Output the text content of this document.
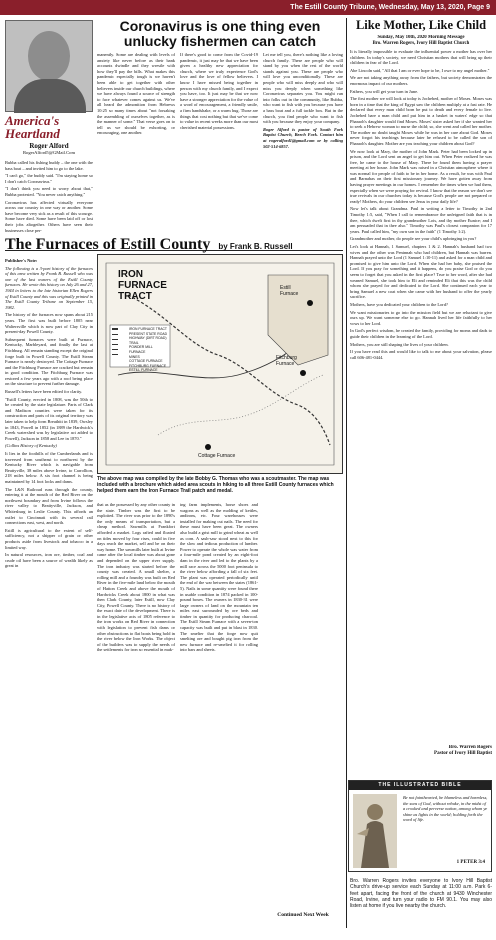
The Estill County Tribune, Wednesday, May 13, 2020, Page 9
America's Heartland
Roger Alford
RogerAlford5@GMail.Com

Bubba called his fishing buddy – the one with the bass boat – and invited him to go to the lake.

"I can't go," the buddy said. "I'm staying home so I don't catch Coronavirus."

"I don't think you need to worry about that," Bubba protested. "You never catch anything."

Coronavirus has affected virtually everyone across our country in one way or another. Some have become very sick as a result of this scourge. Some have died. Some have been laid off or lost their jobs altogether. Others have seen their businesses close per-

Coronavirus is one thing even unlucky fishermen can catch

manently. Some are dealing with levels of anxiety like never before as their bank accounts dwindle and they wrestle with how they'll pay the bills. What makes this pandemic especially tough is we haven't been able to get together with other believers inside our church buildings, where we have always found a source of strength to face whatever comes against us. We've all heard the admonition from Hebrews 10:25 so many times about "not forsaking the assembling of ourselves together, as is the manner of some." That verse goes on to tell us we should be exhorting, or encouraging, one another.

If there's good to come from the Covid-19 pandemic, it just may be that we have been given a healthy new appreciation for church, where we truly experience God's love and the love of fellow believers. I know I have missed being together in person with my church family, and I expect you have, too. It just may be that we now have a stronger appreciation for the value of a word of encouragement, a friendly smile, a firm handshake, or a warm hug. Those are things that cost nothing but that we've come to value in recent weeks more than our most cherished material possessions.

Let me tell you, there's nothing like a loving church family. These are people who will stand by you when the rest of the world stands against you. These are people who will love you unconditionally. These are people who will miss deeply and who will miss you deeply when something like Coronavirus separates you. You might run into folks out in the community, like Bubba, who want to fish with you because you have a bass boat and a full tackle box. But in the church, you find people who want to fish with you because they enjoy your company.

Roger Alford is pastor of South Fork Baptist Church, Beech Fork. Contact him at rogeralford1@gmail.com or by calling 502-514-6857.

Like Mother, Like Child
Sunday, May 10th, 2020 Morning Message
Bro. Warren Rogers, Ivory Hill Baptist Church

It is literally impossible to evaluate the influential power a mother has over her children. In today's society, we need Christian mothers that will bring up their children in fear of the Lord.

Abe Lincoln said, "All that I am or ever hope to be, I owe to my angel mother."

We are not taking anything away from the fathers, but society demonstrates the enormous impact of our mothers.

Fathers, you will get your turn in June.

The first mother we will look at today is Jochebed, mother of Moses. Moses was born in a time that the king of Egypt saw the children multiply at a fast rate. He declared that every man child born be put to death and every female to live. Jochebed bare a man child and put him in a basket in waters' edge so that Pharaoh's daughter would find Moses. Moses' sister asked her if she wanted her to seek a Hebrew woman to nurse the child; so, she went and called her mother. The mother no doubt taught Moses while he was in her care about God. Moses never forgot his teachings because later he refused to be called the son of Pharaoh's daughter. Mother are you teaching your children about God?

We now look at Mary, the mother of John Mark. Peter had been locked up in prison, and the Lord sent an angel to get him out. When Peter realized he was free, he came to the house of Mary. There he found them having a prayer meeting at her house. John Mark was raised in a Christian atmosphere where it was normal for people of faith to be in her home. As a result, he was with Paul and Barnabas on their first missionary journey. We have gotten away from having prayer meetings in our homes. I remember the times when we had them, especially when we were praying for revival. I know that the reason we don't see true revivals in our churches today is because God's people are not prepared or ready! Mothers, do your children see Jesus in your daily life?

Now let's talk about Grandma. Paul in writing a letter to Timothy in 2nd Timothy 1:5, said, "When I call to remembrance the unfeigned faith that is in thee, which dwelt first in thy grandmother Lois, and thy mother Eunice; and I am persuaded that in thee also." Timothy was Paul's closest companion for 17 years. Paul called him, "my own son in the faith" (1 Timothy 1:2).

Grandmother and mother, do people see your child's upbringing in you?

Let's look at Hannah, 1 Samuel, chapters 1 & 2. Hannah's husband had two wives and the other was Peninnah who had children, but Hannah was barren. Hannah prayed unto the Lord (1 Samuel 1:10-11) and asked for a man child and promised to give him unto the Lord. When she had her baby, she praised the Lord. If you pray for something and it happens, do you praise God or do you seem to forget that you asked in the first place? True to her word, after she had weaned Samuel, she took him to Eli and reminded Eli that this was the child whom she prayed for and dedicated to the Lord. She continued each year to bring Samuel a new coat when she came with her husband to offer the yearly sacrifice.

Mothers, have you dedicated your children to the Lord?

We want missionaries to go into the mission field but we are reluctant to give ours up. We want someone else to go. Hannah lived her life faithfully to her vows to her Lord.

In God's perfect wisdom, he created the family, providing for moms and dads to guide their children in the learning of the Lord.

Mothers, you are still shaping the lives of your children.

If you have read this and would like to talk to me about your salvation, please call 606-481-0444.

Bro. Warren Rogers
Pastor of Ivory Hill Baptist
THE ILLUSTRATED BIBLE

Be not fainthearted, be blameless and harmless, the sons of God, without rebuke, in the midst of a crooked and perverse nation, among whom ye shine as lights in the world; holding forth the word of life.

1 PETER 3:4
Bro. Warren Rogers invites everyone to Ivory Hill Baptist Church's drive-up service each Sunday at 11:00 a.m. Park 6-feet apart, facing the front of the church at 9430 Winchester Road, Irvine, and turn your radio to FM 90.1. You may also listen at home if you live nearby the church.
The Furnaces of Estill County by Frank B. Russell

Publisher's Note:

The following is a 3-part history of the furnaces of this area written by Frank B. Russell who was one of the last owners of the Estill County furnaces. He wrote this history on July 26 and 27, 1944 in letters to the late historian Ellen Rogers of Estill County and this was originally printed in The Estill County Tribune on September 15, 1982.

The history of the furnaces now spans about 215 years. The first was built before 1805 near Waltersville which is now part of Clay City in present-day Powell County.

Subsequent furnaces were built at Furnace, Kentucky, Marbleyard, and finally the last at Fitchburg. All remain standing except the original forge built in Powell County. The Estill Steam Furnace is nearly destroyed. The Cottage Furnace and the Fitchburg Furnace are cracked but remain in good condition. The Fitchburg Furnace was restored a few years ago with a roof being place on the structure to prevent further damage.

Russell's letters have been edited for clarity.

"Estill County, erected in 1808, was the 50th to be created by the state legislature. Parts of Clark and Madison counties were taken for its construction and parts of its original territory was later taken to help form Breathitt in 1839, Owsley in 1843, Powell in 1852 (in 1889 the Hardwick's Creek watershed was by legislative act added to Powell), Jackson in 1858 and Lee in 1870."

(Collins History of Kentucky)

It lies in the foothills of the Cumberlands and is traversed from southeast to northwest by the Kentucky River which is navigable from Beattyville, 38 miles above Irvine, to Carrollton, 218 miles below. A six foot channel is being maintained by 14 foot locks and dams.

The L&N Railroad runs through the county, entering it at the mouth of the Red River on the northwest boundary and from Irvine follows the river valley to Beattyville, Jackson, and Whitesburg in Leslie County. This affords an outlet to Cincinnati with its several rail connections east, west, and north.

Estill is agricultural to the extent of self-sufficiency, not a shipper of grain or other products aside from livestock and tobacco in a limited way.

In natural resources, iron ore, timber, coal and crude oil have been a source of wealth likely as great in

IRON FURNACE TRACT
Estill Furnace
Fitchburg Furnace
Cottage Furnace
IRON FURNACE TRACT
PRESENT STATE ROAD
HIGHWAY (DIRT ROAD)
TRAIL
POWDER MILL
FURNACE
MINES
COTTAGE FURNACE
FITCHBURG FURNACE
ESTILL FURNACE

The above map was compiled by the late Bobby G. Thomas who was a scoutmaster. The map was included with a brochure which aided area scouts in hiking to all three Estill County furnaces which helped them earn the Iron Furnace Trail patch and medal.

that as the possessed by any other county in the state. Timber was the first to be exploited. The river was prior to the 1890's the only means of transportation, but a cheap method. Sawmills at Frankfort afforded a market. Logs rafted and floated on tides moved by four rises, could in five days reach the market, sell and be on their way home. The sawmills later built at Irvine came after the local timber was about gone and depended on the upper river supply. The iron industry was started before the county was created. A small shelter, a rolling mill and a foundry was built on Red River in the five-mile land below the mouth of Hatton Creek and above the mouth of Hardwicks Creek about 1800 in what was then Clark County, later Estill, now Clay City, Powell County. There is no history of the exact date of the development. There is in the legislative acts of 1805 reference to the iron works on Red River in connection with legislation to prevent fish dams or other obstructions to flat boats being hold in the river below the Iron Works. The object of the builders was to supply the needs of the settlements for iron so essential in mak-

ing farm implements, horse shoes and wagons as well as the molding of kettles, andirons, etc. Four warehouses were installed for making cut nails. The need for these must have been great. The owners also build a grist mill to grind wheat as well as corn. A sash-saw stood next to this for the slow and tedious production of lumber. Power to operate the whole was water from a four-mile pond created by an eight-foot dam in the river and led to the plants by a mill race across the 5000 foot peninsula to the river below affording a fall of six feet. The plant was operated periodically until the end of the war between the states (1861-5). Nails in some quantity were found there in usable condition in 1874 packed in 100-pound boxes. The owners in 1830-31 were large owners of land on the mountain ten miles east surrounded by ore beds and timber in quantity for producing charcoal. The Estill Steam Furnace with a seven-ton capacity was built and put in blast in 1830. The smelter that the forge now quit smelting ore and bought pig iron from the new furnace and re-smelted it for rolling into bars and sheets.

Continued Next Week
